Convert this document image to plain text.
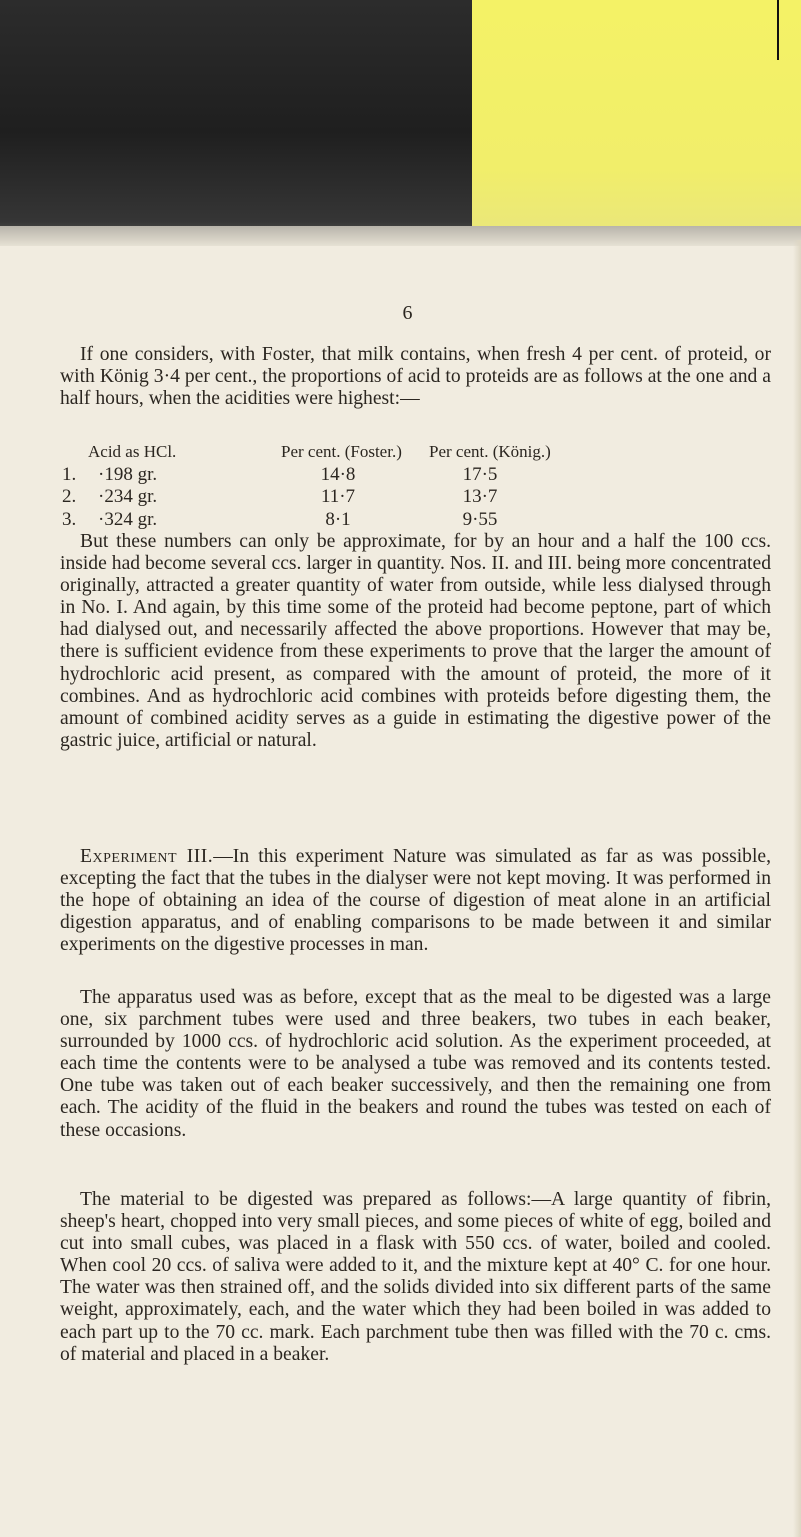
6

If one considers, with Foster, that milk contains, when fresh 4 per cent. of proteid, or with König 3·4 per cent., the proportions of acid to proteids are as follows at the one and a half hours, when the acidities were highest:—

Acid as HCl.	Per cent. (Foster.) Per cent. (König.)
1. ·198 gr.	14·8	17·5
2. ·234 gr.	11·7	13·7
3. ·324 gr.	8·1	9·55

But these numbers can only be approximate, for by an hour and a half the 100 ccs. inside had become several ccs. larger in quantity. Nos. II. and III. being more concentrated originally, attracted a greater quantity of water from outside, while less dialysed through in No. I. And again, by this time some of the proteid had become peptone, part of which had dialysed out, and necessarily affected the above proportions. However that may be, there is sufficient evidence from these experiments to prove that the larger the amount of hydrochloric acid present, as compared with the amount of proteid, the more of it combines. And as hydrochloric acid combines with proteids before digesting them, the amount of combined acidity serves as a guide in estimating the digestive power of the gastric juice, artificial or natural.

Experiment III.—In this experiment Nature was simulated as far as was possible, excepting the fact that the tubes in the dialyser were not kept moving. It was performed in the hope of obtaining an idea of the course of digestion of meat alone in an artificial digestion apparatus, and of enabling comparisons to be made between it and similar experiments on the digestive processes in man.

The apparatus used was as before, except that as the meal to be digested was a large one, six parchment tubes were used and three beakers, two tubes in each beaker, surrounded by 1000 ccs. of hydrochloric acid solution. As the experiment proceeded, at each time the contents were to be analysed a tube was removed and its contents tested. One tube was taken out of each beaker successively, and then the remaining one from each. The acidity of the fluid in the beakers and round the tubes was tested on each of these occasions.

The material to be digested was prepared as follows:—A large quantity of fibrin, sheep's heart, chopped into very small pieces, and some pieces of white of egg, boiled and cut into small cubes, was placed in a flask with 550 ccs. of water, boiled and cooled. When cool 20 ccs. of saliva were added to it, and the mixture kept at 40° C. for one hour. The water was then strained off, and the solids divided into six different parts of the same weight, approximately, each, and the water which they had been boiled in was added to each part up to the 70 cc. mark. Each parchment tube then was filled with the 70 c. cms. of material and placed in a beaker.
